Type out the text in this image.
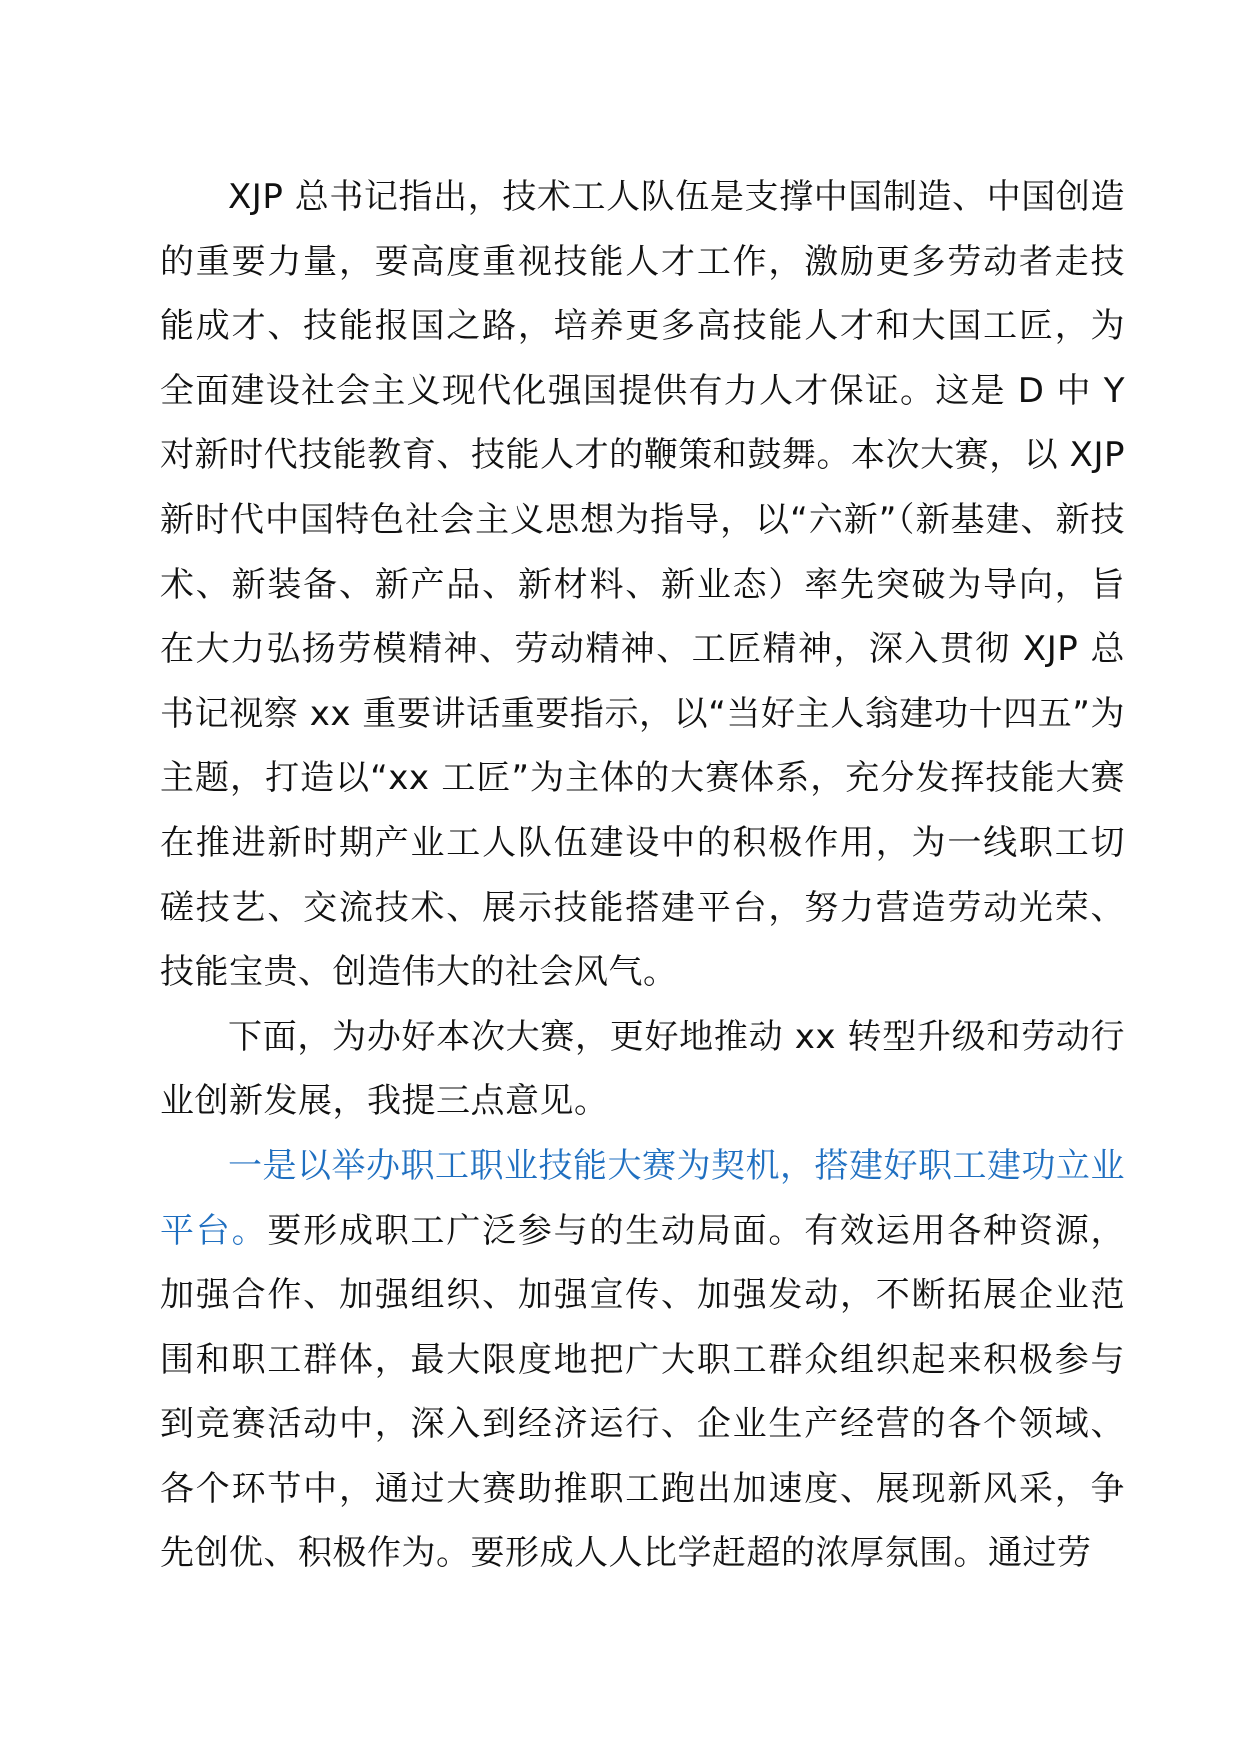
XJP 总书记指出，技术工人队伍是支撑中国制造、中国创造的重要力量，要高度重视技能人才工作，激励更多劳动者走技能成才、技能报国之路，培养更多高技能人才和大国工匠，为全面建设社会主义现代化强国提供有力人才保证。这是 D 中 Y 对新时代技能教育、技能人才的鞭策和鼓舞。本次大赛，以 XJP 新时代中国特色社会主义思想为指导，以“六新”（新基建、新技术、新装备、新产品、新材料、新业态）率先突破为导向，旨在大力弘扬劳模精神、劳动精神、工匠精神，深入贯彻 XJP 总书记视察 xx 重要讲话重要指示，以“当好主人翁建功十四五”为主题，打造以“xx 工匠”为主体的大赛体系，充分发挥技能大赛在推进新时期产业工人队伍建设中的积极作用，为一线职工切磋技艺、交流技术、展示技能搭建平台，努力营造劳动光荣、技能宝贵、创造伟大的社会风气。

下面，为办好本次大赛，更好地推动 xx 转型升级和劳动行业创新发展，我提三点意见。

一是以举办职工职业技能大赛为契机，搭建好职工建功立业平台。要形成职工广泛参与的生动局面。有效运用各种资源，加强合作、加强组织、加强宣传、加强发动，不断拓展企业范围和职工群体，最大限度地把广大职工群众组织起来积极参与到竞赛活动中，深入到经济运行、企业生产经营的各个领域、各个环节中，通过大赛助推职工跑出加速度、展现新风采，争先创优、积极作为。要形成人人比学赶超的浓厚氛围。通过劳
